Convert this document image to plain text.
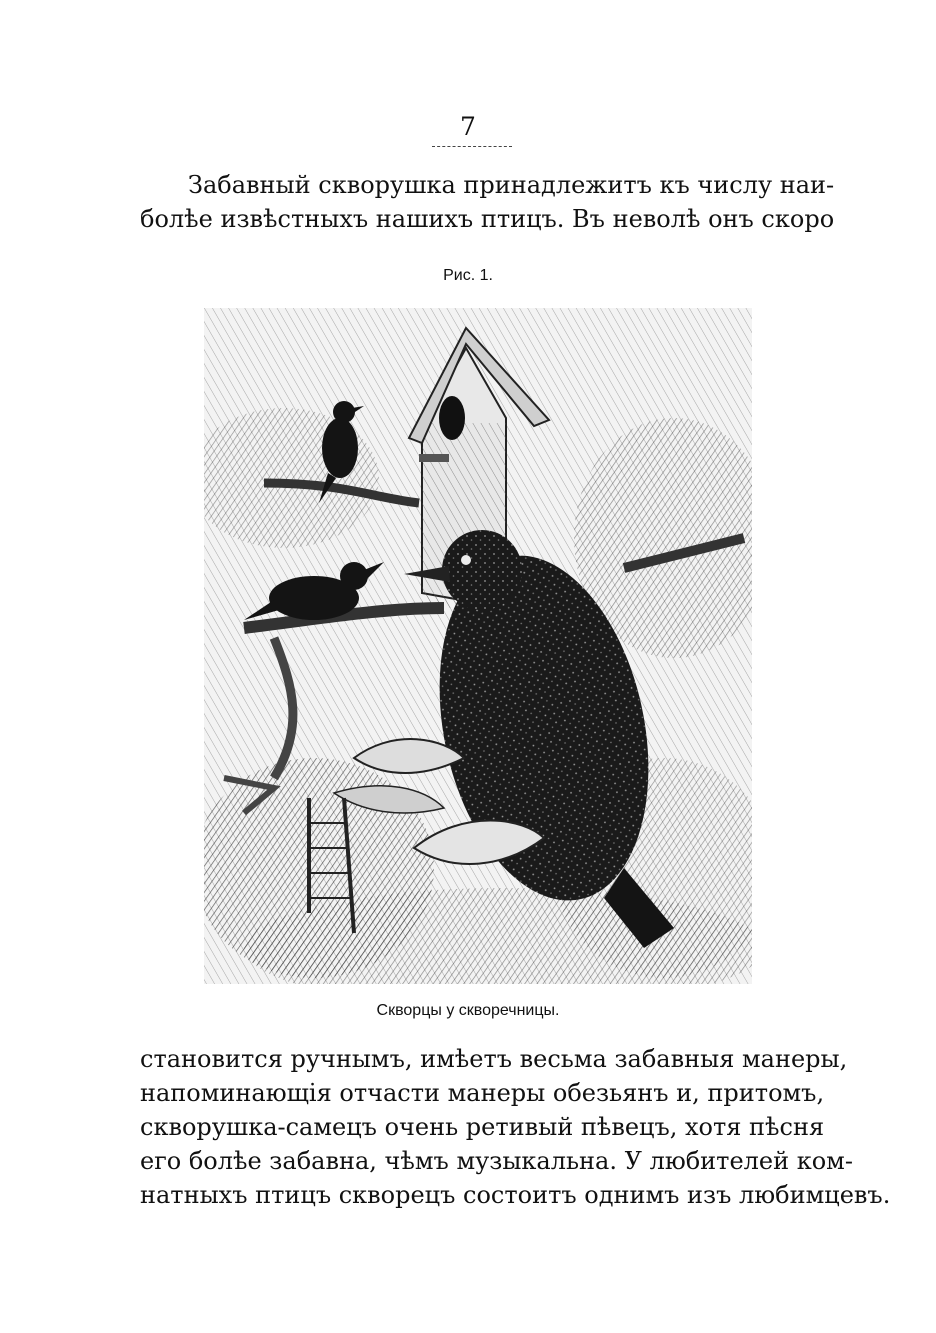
7

Забавный скворушка принадлежитъ къ числу наи-
болѣе извѣстныхъ нашихъ птицъ. Въ неволѣ онъ скоро

Рис. 1.
Скворцы у скворечницы.

становится ручнымъ, имѣетъ весьма забавныя манеры,
напоминающія отчасти манеры обезьянъ и, притомъ,
скворушка-самецъ очень ретивый пѣвецъ, хотя пѣсня
его болѣе забавна, чѣмъ музыкальна. У любителей ком-
натныхъ птицъ скворецъ состоитъ однимъ изъ любимцевъ.
